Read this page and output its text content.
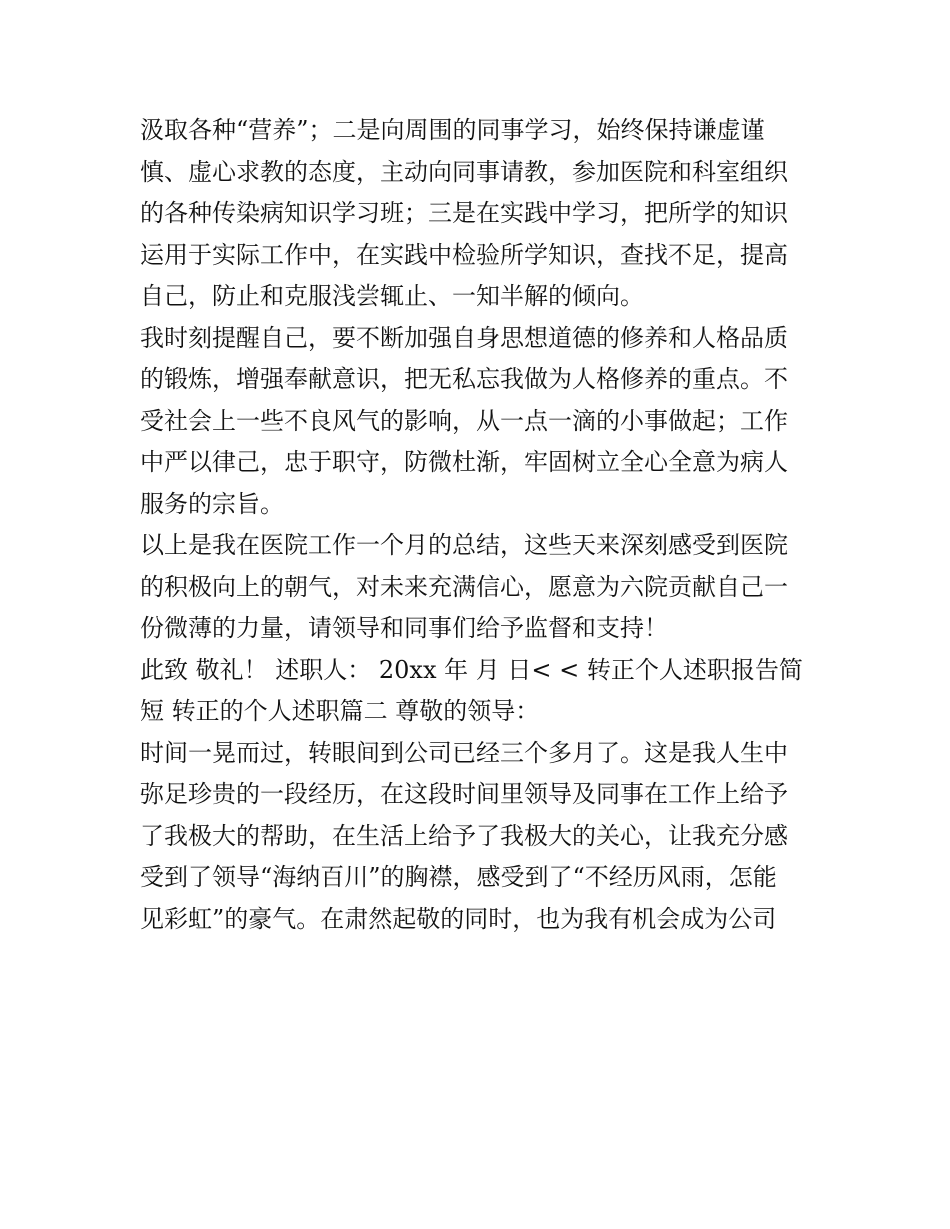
汲取各种“营养”；二是向周围的同事学习，始终保持谦虚谨
慎、虚心求教的态度，主动向同事请教，参加医院和科室组织
的各种传染病知识学习班；三是在实践中学习，把所学的知识
运用于实际工作中，在实践中检验所学知识，查找不足，提高
自己，防止和克服浅尝辄止、一知半解的倾向。
我时刻提醒自己，要不断加强自身思想道德的修养和人格品质
的锻炼，增强奉献意识，把无私忘我做为人格修养的重点。不
受社会上一些不良风气的影响，从一点一滴的小事做起；工作
中严以律己，忠于职守，防微杜渐，牢固树立全心全意为病人
服务的宗旨。
以上是我在医院工作一个月的总结，这些天来深刻感受到医院
的积极向上的朝气，对未来充满信心，愿意为六院贡献自己一
份微薄的力量，请领导和同事们给予监督和支持！
此致 敬礼！ 述职人： 20xx 年 月 日< < 转正个人述职报告简
短 转正的个人述职篇二 尊敬的领导：
时间一晃而过，转眼间到公司已经三个多月了。这是我人生中
弥足珍贵的一段经历，在这段时间里领导及同事在工作上给予
了我极大的帮助，在生活上给予了我极大的关心，让我充分感
受到了领导“海纳百川”的胸襟，感受到了“不经历风雨，怎能
见彩虹”的豪气。在肃然起敬的同时，也为我有机会成为公司
